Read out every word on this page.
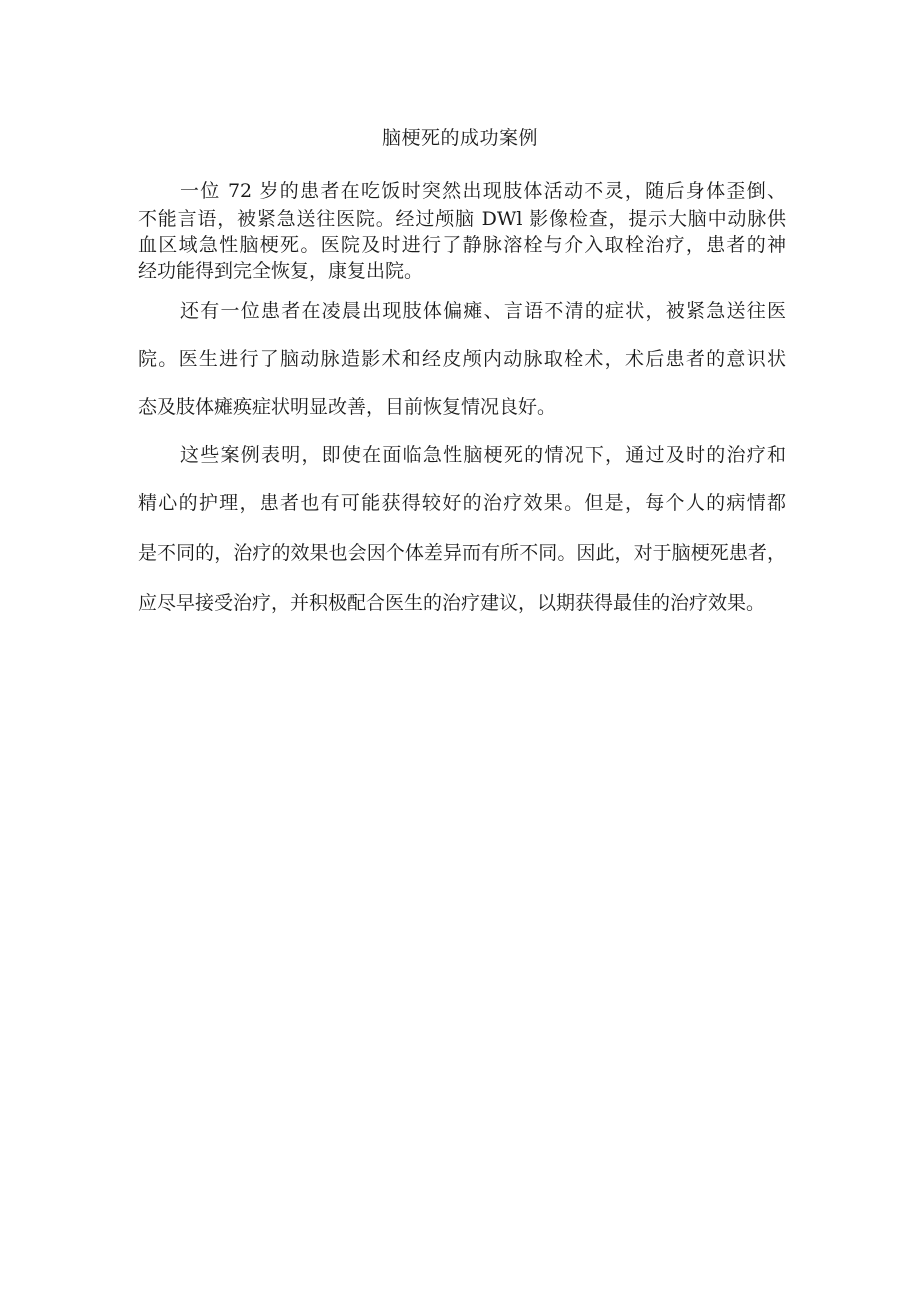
脑梗死的成功案例
一位 72 岁的患者在吃饭时突然出现肢体活动不灵，随后身体歪倒、
不能言语，被紧急送往医院。经过颅脑 DWl 影像检查，提示大脑中动脉供
血区域急性脑梗死。医院及时进行了静脉溶栓与介入取栓治疗，患者的神
经功能得到完全恢复，康复出院。
还有一位患者在凌晨出现肢体偏瘫、言语不清的症状，被紧急送往医
院。医生进行了脑动脉造影术和经皮颅内动脉取栓术，术后患者的意识状
态及肢体瘫痪症状明显改善，目前恢复情况良好。
这些案例表明，即使在面临急性脑梗死的情况下，通过及时的治疗和
精心的护理，患者也有可能获得较好的治疗效果。但是，每个人的病情都
是不同的，治疗的效果也会因个体差异而有所不同。因此，对于脑梗死患者，
应尽早接受治疗，并积极配合医生的治疗建议，以期获得最佳的治疗效果。
